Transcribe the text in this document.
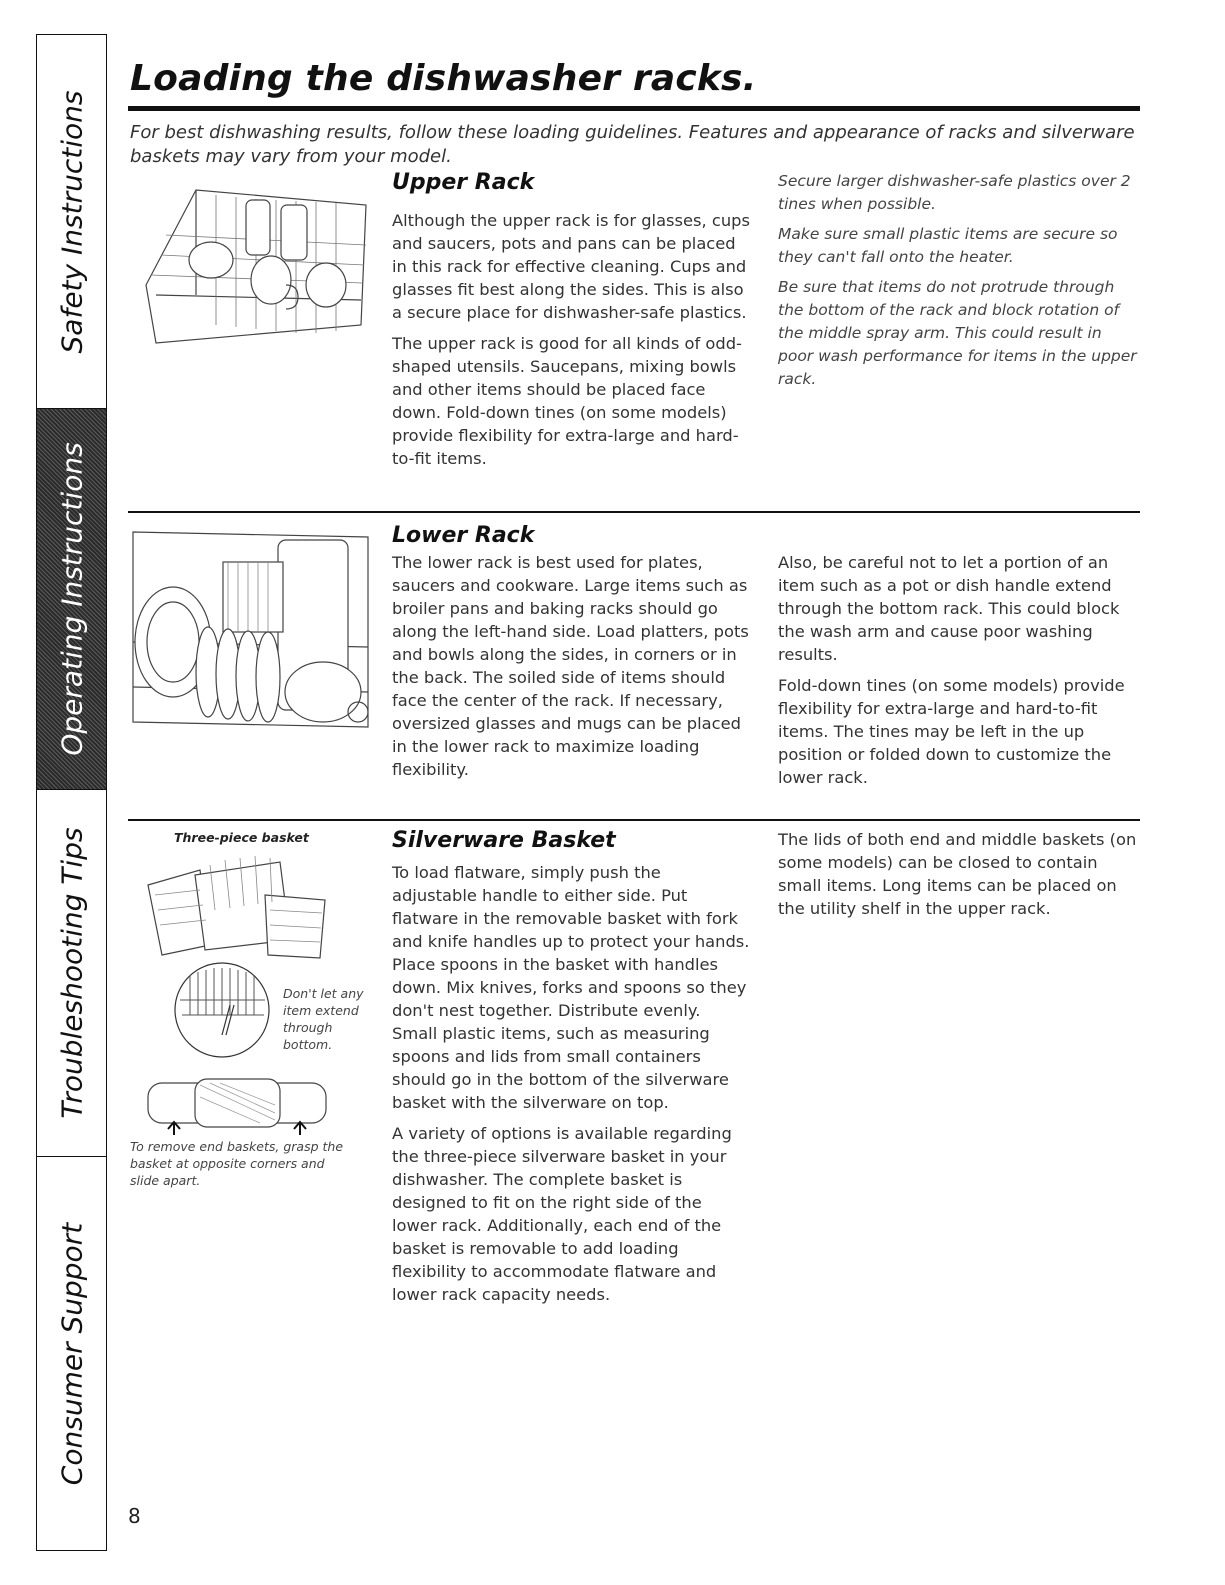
Safety Instructions
Operating Instructions
Troubleshooting Tips
Consumer Support
Loading the dishwasher racks.
For best dishwashing results, follow these loading guidelines. Features and appearance of racks and silverware baskets may vary from your model.
Upper Rack

Although the upper rack is for glasses, cups and saucers, pots and pans can be placed in this rack for effective cleaning. Cups and glasses fit best along the sides. This is also a secure place for dishwasher-safe plastics.

The upper rack is good for all kinds of odd-shaped utensils. Saucepans, mixing bowls and other items should be placed face down. Fold-down tines (on some models) provide flexibility for extra-large and hard-to-fit items.

Secure larger dishwasher-safe plastics over 2 tines when possible.

Make sure small plastic items are secure so they can't fall onto the heater.

Be sure that items do not protrude through the bottom of the rack and block rotation of the middle spray arm. This could result in poor wash performance for items in the upper rack.

Lower Rack
The lower rack is best used for plates, saucers and cookware. Large items such as broiler pans and baking racks should go along the left-hand side. Load platters, pots and bowls along the sides, in corners or in the back. The soiled side of items should face the center of the rack. If necessary, oversized glasses and mugs can be placed in the lower rack to maximize loading flexibility.

Also, be careful not to let a portion of an item such as a pot or dish handle extend through the bottom rack. This could block the wash arm and cause poor washing results.

Fold-down tines (on some models) provide flexibility for extra-large and hard-to-fit items. The tines may be left in the up position or folded down to customize the lower rack.

Three-piece basket
Don't let any item extend through bottom.
To remove end baskets, grasp the basket at opposite corners and slide apart.
Silverware Basket

To load flatware, simply push the adjustable handle to either side. Put flatware in the removable basket with fork and knife handles up to protect your hands. Place spoons in the basket with handles down. Mix knives, forks and spoons so they don't nest together. Distribute evenly. Small plastic items, such as measuring spoons and lids from small containers should go in the bottom of the silverware basket with the silverware on top.

A variety of options is available regarding the three-piece silverware basket in your dishwasher. The complete basket is designed to fit on the right side of the lower rack. Additionally, each end of the basket is removable to add loading flexibility to accommodate flatware and lower rack capacity needs.

The lids of both end and middle baskets (on some models) can be closed to contain small items. Long items can be placed on the utility shelf in the upper rack.
8
